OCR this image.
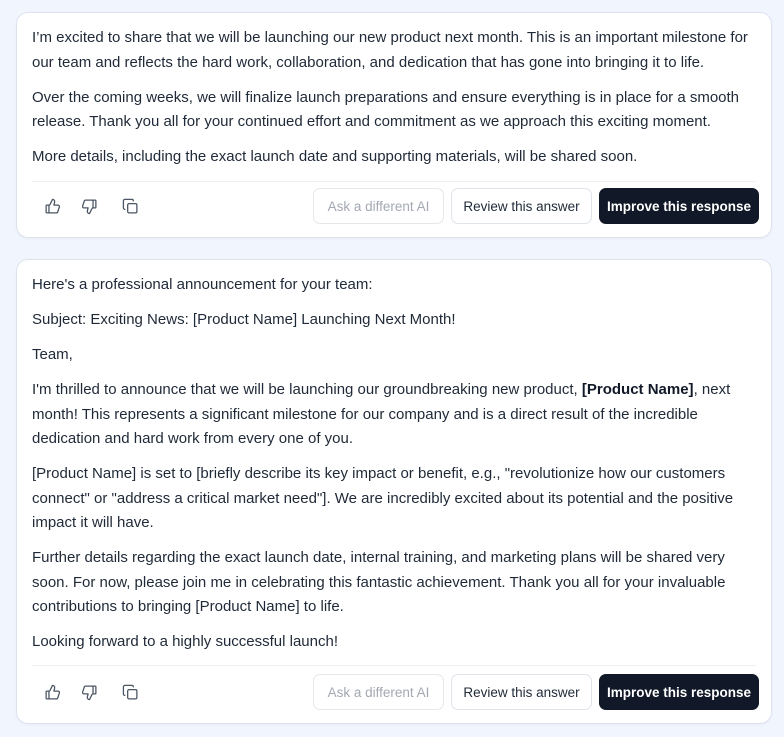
I’m excited to share that we will be launching our new product next month. This is an important milestone for our team and reflects the hard work, collaboration, and dedication that has gone into bringing it to life.

Over the coming weeks, we will finalize launch preparations and ensure everything is in place for a smooth release. Thank you all for your continued effort and commitment as we approach this exciting moment.

More details, including the exact launch date and supporting materials, will be shared soon.

Ask a different AI	Review this answer	Improve this response

Here's a professional announcement for your team:

Subject: Exciting News: [Product Name] Launching Next Month!

Team,

I'm thrilled to announce that we will be launching our groundbreaking new product, [Product Name], next month! This represents a significant milestone for our company and is a direct result of the incredible dedication and hard work from every one of you.

[Product Name] is set to [briefly describe its key impact or benefit, e.g., "revolutionize how our customers connect" or "address a critical market need"]. We are incredibly excited about its potential and the positive impact it will have.

Further details regarding the exact launch date, internal training, and marketing plans will be shared very soon. For now, please join me in celebrating this fantastic achievement. Thank you all for your invaluable contributions to bringing [Product Name] to life.

Looking forward to a highly successful launch!

Ask a different AI	Review this answer	Improve this response
